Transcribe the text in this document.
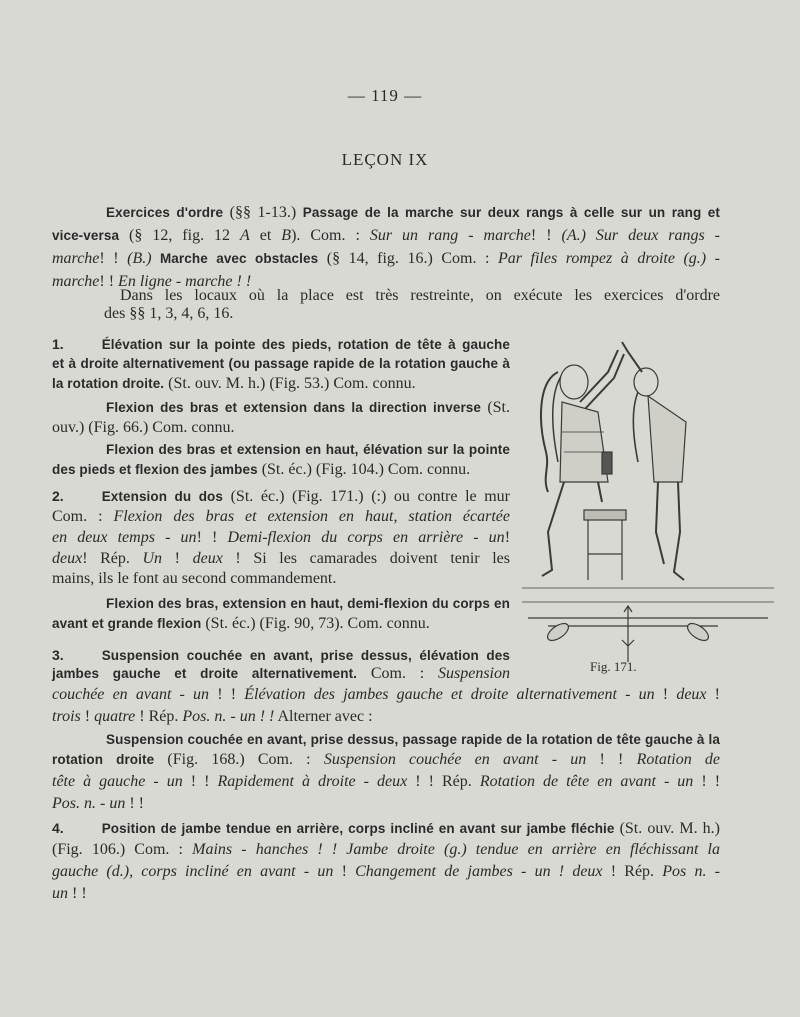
— 119 —
LEÇON IX
Exercices d'ordre (§§ 1-13.) Passage de la marche sur deux rangs à celle sur un rang et
vice-versa (§ 12, fig. 12 A et B). Com. : Sur un rang - marche! ! (A.) Sur deux rangs -
marche! ! (B.) Marche avec obstacles (§ 14, fig. 16.) Com. : Par files rompez à droite (g.) -
marche! ! En ligne - marche ! !
Dans les locaux où la place est très restreinte, on exécute les exercices d'ordre
des §§ 1, 3, 4, 6, 16.
1.	Élévation sur la pointe des pieds, rotation de tête à gauche
et à droite alternativement (ou passage rapide de la rotation gauche à
la rotation droite. (St. ouv. M. h.) (Fig. 53.) Com. connu.
Flexion des bras et extension dans la direction inverse (St.
ouv.) (Fig. 66.) Com. connu.
Flexion des bras et extension en haut, élévation sur la pointe
des pieds et flexion des jambes (St. éc.) (Fig. 104.) Com. connu.
2.	Extension du dos (St. éc.) (Fig. 171.) (:) ou contre le mur
Com. : Flexion des bras et extension en haut, station écartée
en deux temps - un! ! Demi-flexion du corps en arrière - un!
deux! Rép. Un ! deux ! Si les camarades doivent tenir les
mains, ils le font au second commandement.
Flexion des bras, extension en haut, demi-flexion du corps en
avant et grande flexion (St. éc.) (Fig. 90, 73). Com. connu.
3.	Suspension couchée en avant, prise dessus, élévation des
jambes gauche et droite alternativement. Com. : Suspension
couchée en avant - un ! ! Élévation des jambes gauche et droite alternativement - un ! deux !
trois ! quatre ! Rép. Pos. n. - un ! ! Alterner avec :
Suspension couchée en avant, prise dessus, passage rapide de la rotation de tête gauche à la
rotation droite (Fig. 168.) Com. : Suspension couchée en avant - un ! ! Rotation de
tête à gauche - un ! ! Rapidement à droite - deux ! ! Rép. Rotation de tête en avant - un ! !
Pos. n. - un ! !
4.	Position de jambe tendue en arrière, corps incliné en avant sur jambe fléchie (St. ouv. M. h.)
(Fig. 106.) Com. : Mains - hanches ! ! Jambe droite (g.) tendue en arrière en fléchissant la
gauche (d.), corps incliné en avant - un ! Changement de jambes - un ! deux ! Rép. Pos n. -
un ! !
Fig. 171.
